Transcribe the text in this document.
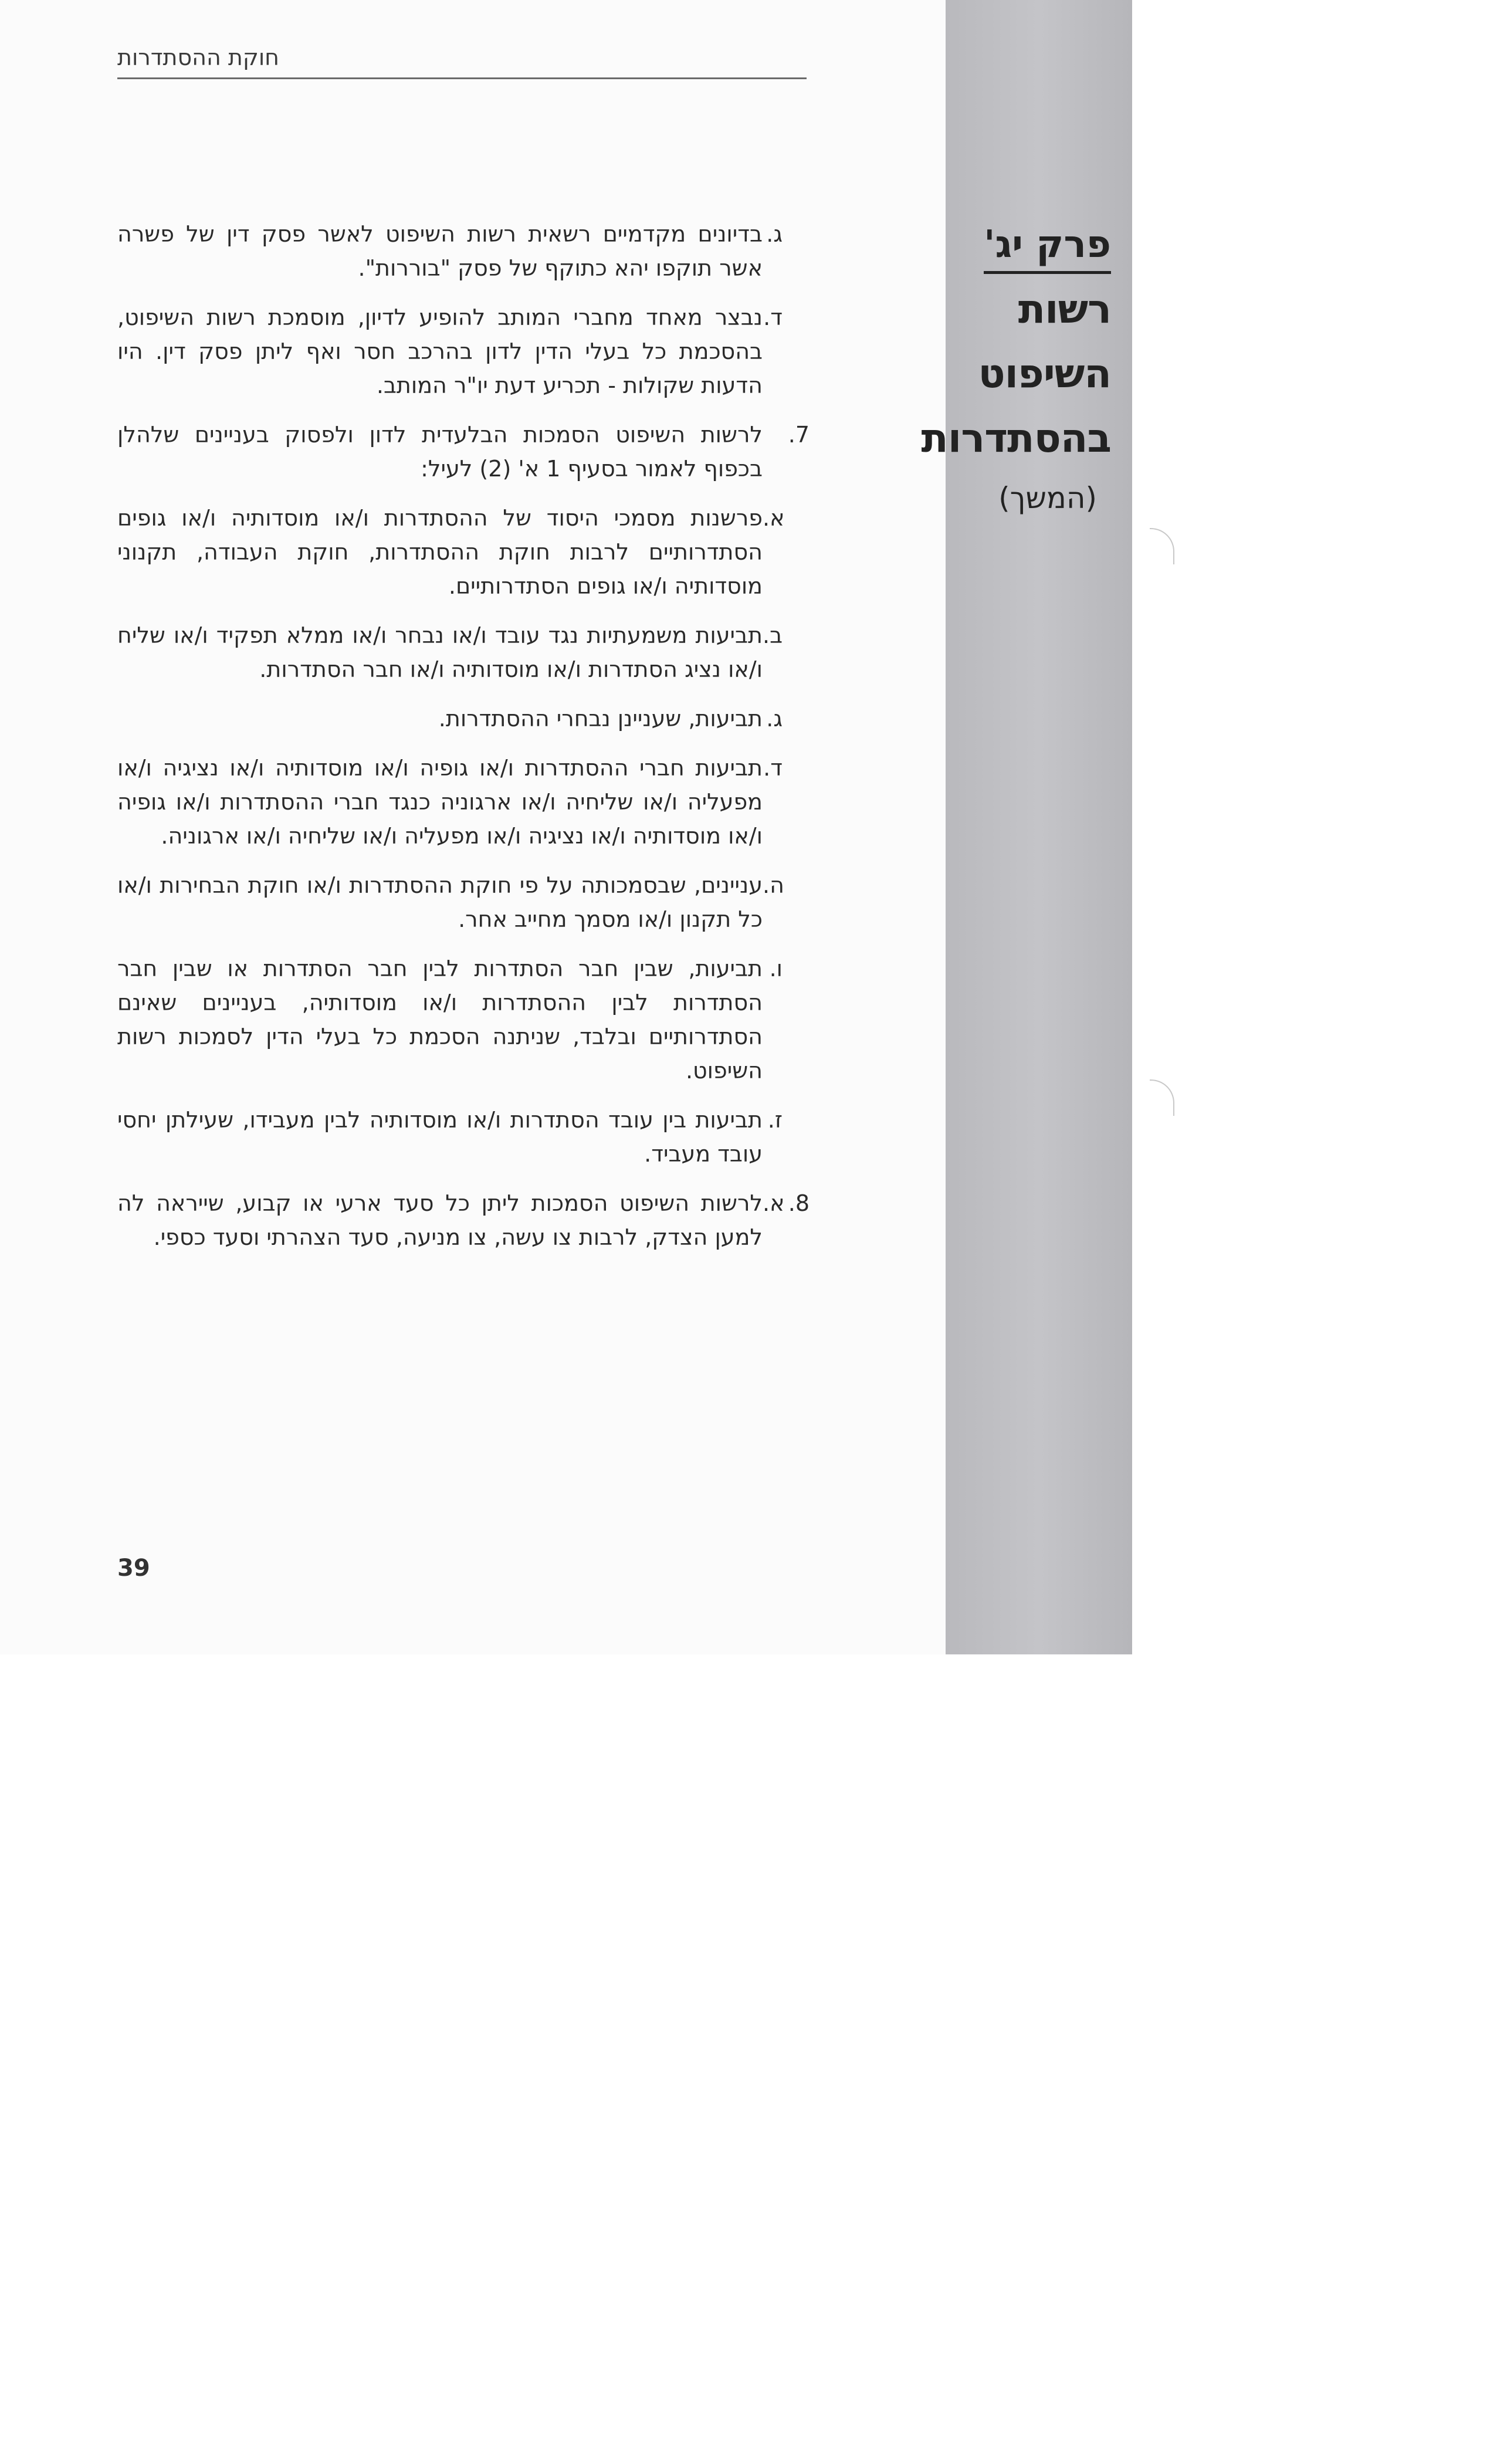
חוקת ההסתדרות
ג.
בדיונים מקדמיים רשאית רשות השיפוט לאשר פסק דין של פשרה אשר תוקפו יהא כתוקף של פסק "בוררות".
ד.
נבצר מאחד מחברי המותב להופיע לדיון, מוסמכת רשות השיפוט, בהסכמת כל בעלי הדין לדון בהרכב חסר ואף ליתן פסק דין. היו הדעות שקולות - תכריע דעת יו"ר המותב.
7.
לרשות השיפוט הסמכות הבלעדית לדון ולפסוק בעניינים שלהלן בכפוף לאמור בסעיף 1 א' (2) לעיל:
א.
פרשנות מסמכי היסוד של ההסתדרות ו/או מוסדותיה ו/או גופים הסתדרותיים לרבות חוקת ההסתדרות, חוקת העבודה, תקנוני מוסדותיה ו/או גופים הסתדרותיים.
ב.
תביעות משמעתיות נגד עובד ו/או נבחר ו/או ממלא תפקיד ו/או שליח ו/או נציג הסתדרות ו/או מוסדותיה ו/או חבר הסתדרות.
ג.
תביעות, שעניינן נבחרי ההסתדרות.
ד.
תביעות חברי ההסתדרות ו/או גופיה ו/או מוסדותיה ו/או נציגיה ו/או מפעליה ו/או שליחיה ו/או ארגוניה כנגד חברי ההסתדרות ו/או גופיה ו/או מוסדותיה ו/או נציגיה ו/או מפעליה ו/או שליחיה ו/או ארגוניה.
ה.
עניינים, שבסמכותה על פי חוקת ההסתדרות ו/או חוקת הבחירות ו/או כל תקנון ו/או מסמך מחייב אחר.
ו.
תביעות, שבין חבר הסתדרות לבין חבר הסתדרות או שבין חבר הסתדרות לבין ההסתדרות ו/או מוסדותיה, בעניינים שאינם הסתדרותיים ובלבד, שניתנה הסכמת כל בעלי הדין לסמכות רשות השיפוט.
ז.
תביעות בין עובד הסתדרות ו/או מוסדותיה לבין מעבידו, שעילתן יחסי עובד מעביד.
8.
א.
לרשות השיפוט הסמכות ליתן כל סעד ארעי או קבוע, שייראה לה למען הצדק, לרבות צו עשה, צו מניעה, סעד הצהרתי וסעד כספי.
39
פרק יג'
רשות
השיפוט
בהסתדרות
(המשך)
